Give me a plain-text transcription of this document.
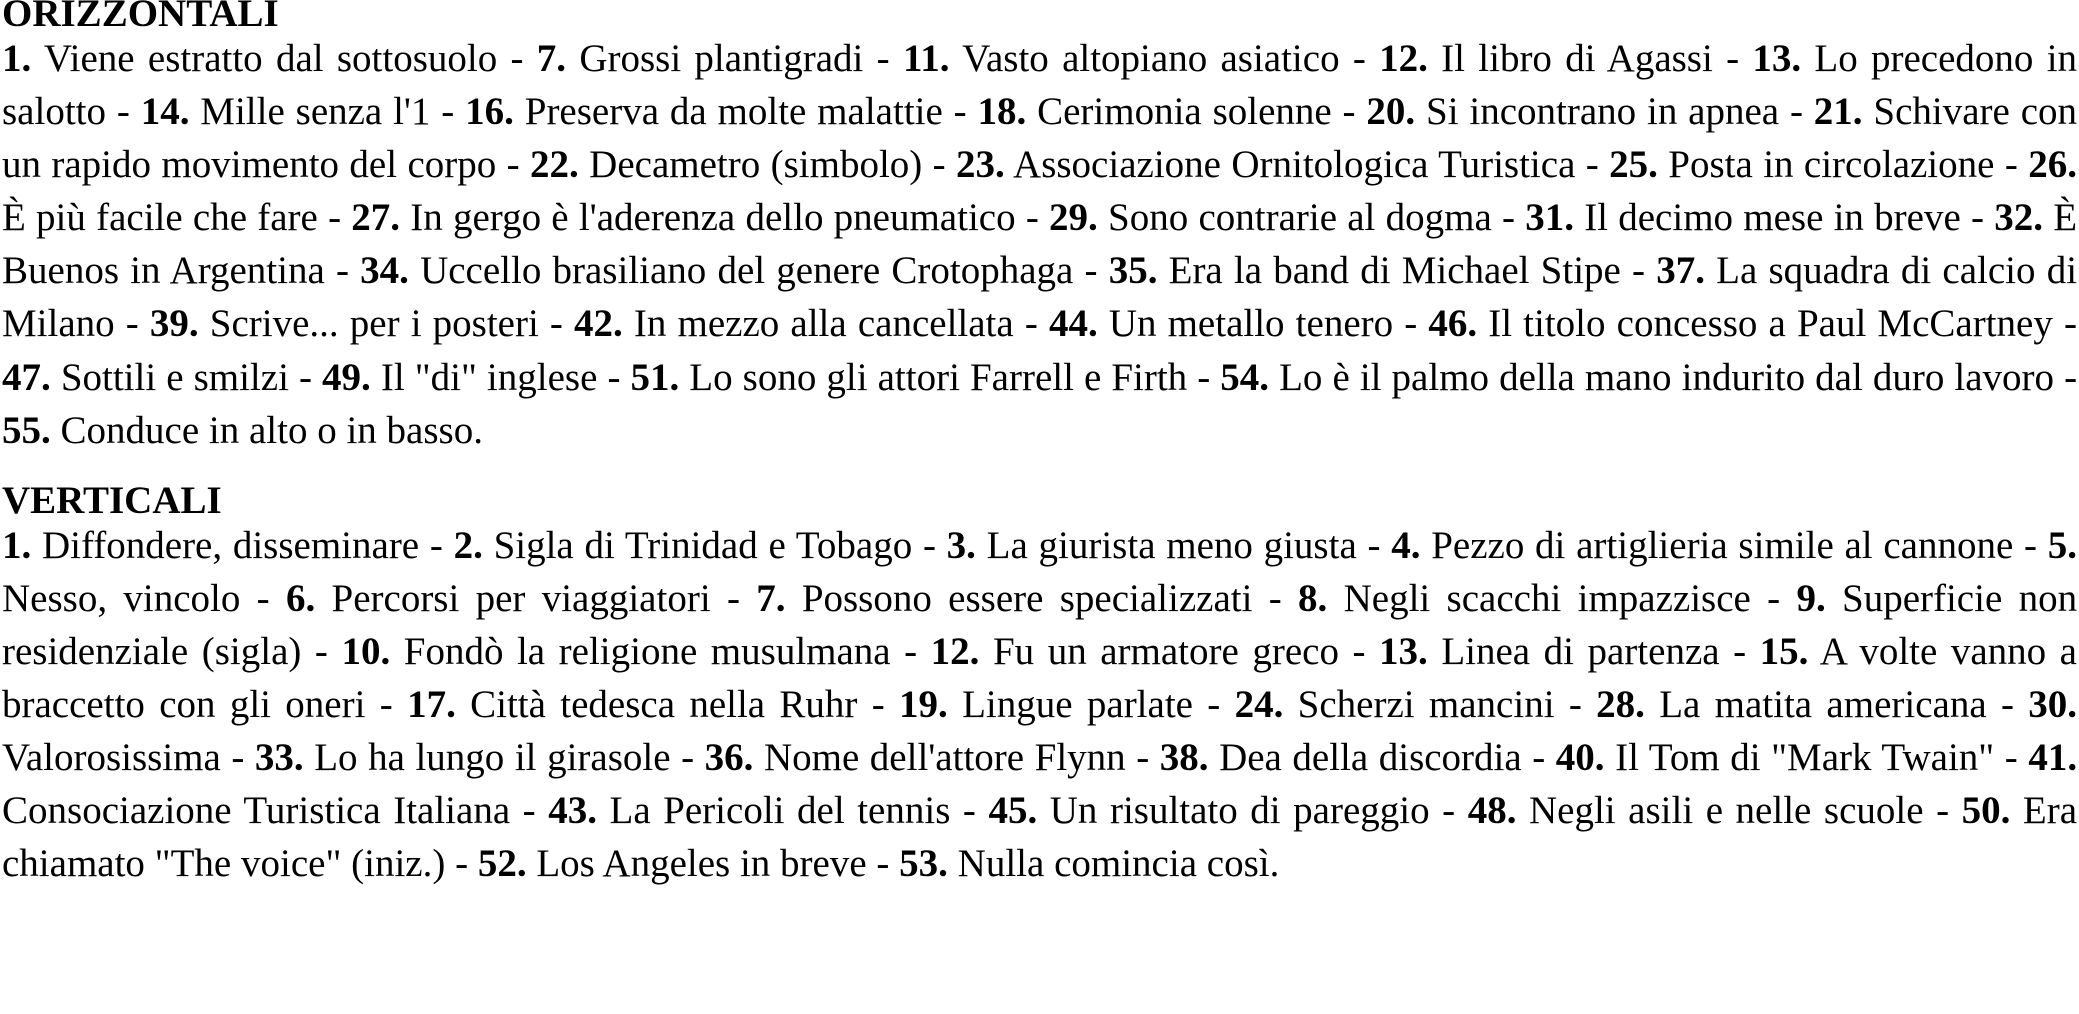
ORIZZONTALI

1. Viene estratto dal sottosuolo - 7. Grossi plantigradi - 11. Vasto altopiano asiatico - 12. Il libro di Agassi - 13. Lo precedono in salotto - 14. Mille senza l'1 - 16. Preserva da molte malattie - 18. Cerimonia solenne - 20. Si incontrano in apnea - 21. Schivare con un rapido movimento del corpo - 22. Decametro (simbolo) - 23. Associazione Ornitologica Turistica - 25. Posta in circolazione - 26. È più facile che fare - 27. In gergo è l'aderenza dello pneumatico - 29. Sono contrarie al dogma - 31. Il decimo mese in breve - 32. È Buenos in Argentina - 34. Uccello brasiliano del genere Crotophaga - 35. Era la band di Michael Stipe - 37. La squadra di calcio di Milano - 39. Scrive... per i posteri - 42. In mezzo alla cancellata - 44. Un metallo tenero - 46. Il titolo concesso a Paul McCartney - 47. Sottili e smilzi - 49. Il "di" inglese - 51. Lo sono gli attori Farrell e Firth - 54. Lo è il palmo della mano indurito dal duro lavoro - 55. Conduce in alto o in basso.

VERTICALI

1. Diffondere, disseminare - 2. Sigla di Trinidad e Tobago - 3. La giurista meno giusta - 4. Pezzo di artiglieria simile al cannone - 5. Nesso, vincolo - 6. Percorsi per viaggiatori - 7. Possono essere specializzati - 8. Negli scacchi impazzisce - 9. Superficie non residenziale (sigla) - 10. Fondò la religione musulmana - 12. Fu un armatore greco - 13. Linea di partenza - 15. A volte vanno a braccetto con gli oneri - 17. Città tedesca nella Ruhr - 19. Lingue parlate - 24. Scherzi mancini - 28. La matita americana - 30. Valorosissima - 33. Lo ha lungo il girasole - 36. Nome dell'attore Flynn - 38. Dea della discordia - 40. Il Tom di "Mark Twain" - 41. Consociazione Turistica Italiana - 43. La Pericoli del tennis - 45. Un risultato di pareggio - 48. Negli asili e nelle scuole - 50. Era chiamato "The voice" (iniz.) - 52. Los Angeles in breve - 53. Nulla comincia così.
